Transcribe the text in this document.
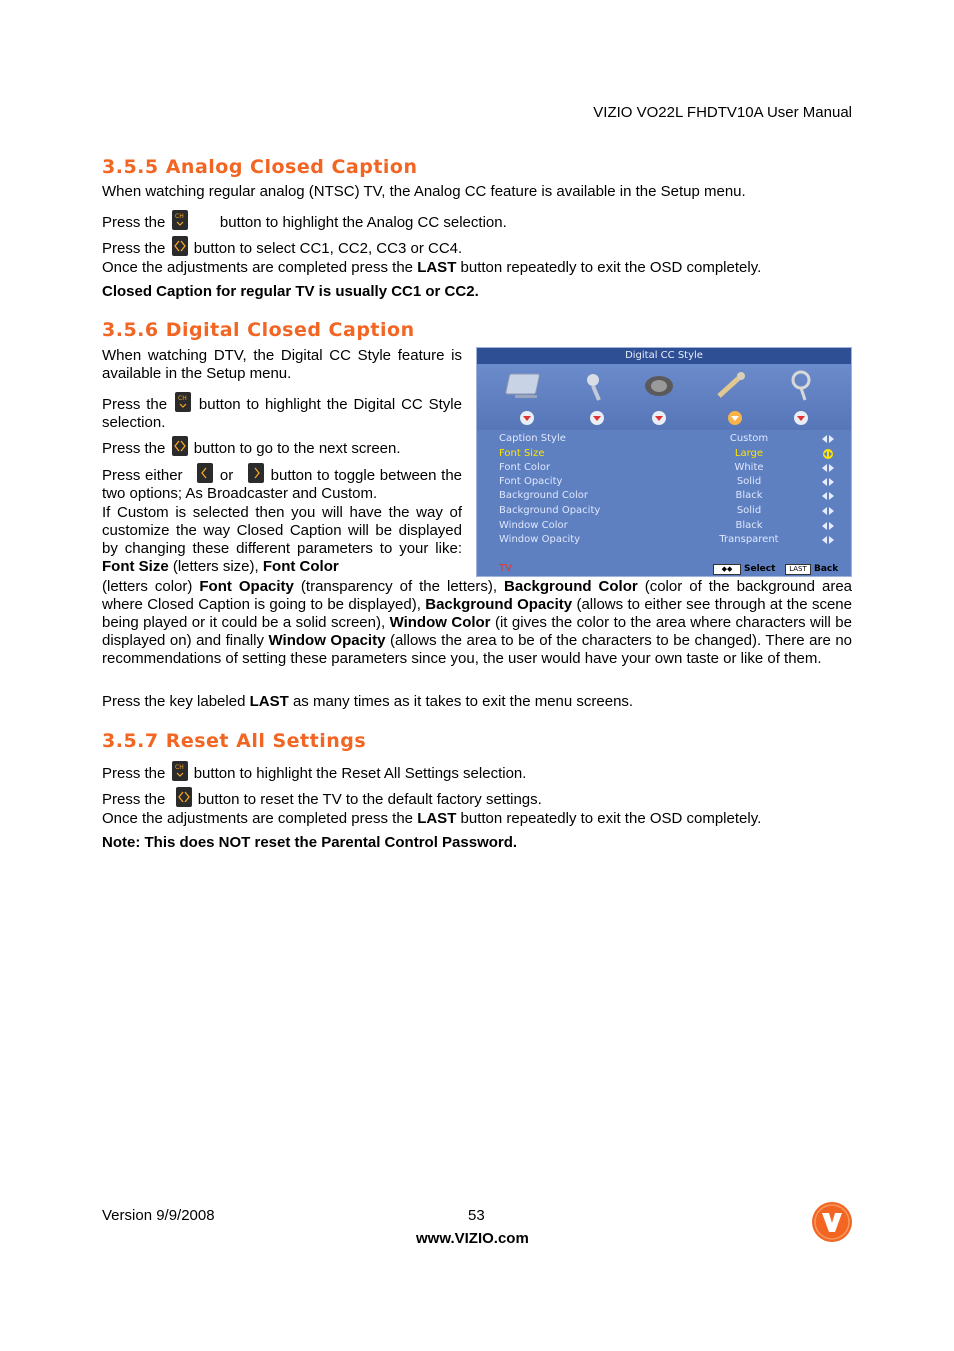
VIZIO VO22L FHDTV10A User Manual
3.5.5 Analog Closed Caption

When watching regular analog (NTSC) TV, the Analog CC feature is available in the Setup menu.

Press the CH button to highlight the Analog CC selection.

Press the button to select CC1, CC2, CC3 or CC4.

Once the adjustments are completed press the LAST button repeatedly to exit the OSD completely.

Closed Caption for regular TV is usually CC1 or CC2.

3.5.6 Digital Closed Caption

When watching DTV, the Digital CC Style feature is available in the Setup menu.

Press the CH button to highlight the Digital CC Style selection.

Press the button to go to the next screen.

Press either or button to toggle between the two options; As Broadcaster and Custom.

If Custom is selected then you will have the way of customize the way Closed Caption will be displayed by changing these different parameters to your like: Font Size (letters size), Font Color

(letters color) Font Opacity (transparency of the letters), Background Color (color of the background area where Closed Caption is going to be displayed), Background Opacity (allows to either see through at the scene being played or it could be a solid screen), Window Color (it gives the color to the area where characters will be displayed on) and finally Window Opacity (allows the area to be of the characters to be changed). There are no recommendations of setting these parameters since you, the user would have your own taste or like of them.

Press the key labeled LAST as many times as it takes to exit the menu screens.

Digital CC Style
Caption Style	Custom
Font Size	Large
Font Color	White
Font Opacity	Solid
Background Color	Black
Background Opacity	Solid
Window Color	Black
Window Opacity	Transparent
TV	◆◆	Select	LAST Back
3.5.7 Reset All Settings

Press the CH button to highlight the Reset All Settings selection.

Press the button to reset the TV to the default factory settings.

Once the adjustments are completed press the LAST button repeatedly to exit the OSD completely.

Note: This does NOT reset the Parental Control Password.

Version 9/9/2008	53
www.VIZIO.com
